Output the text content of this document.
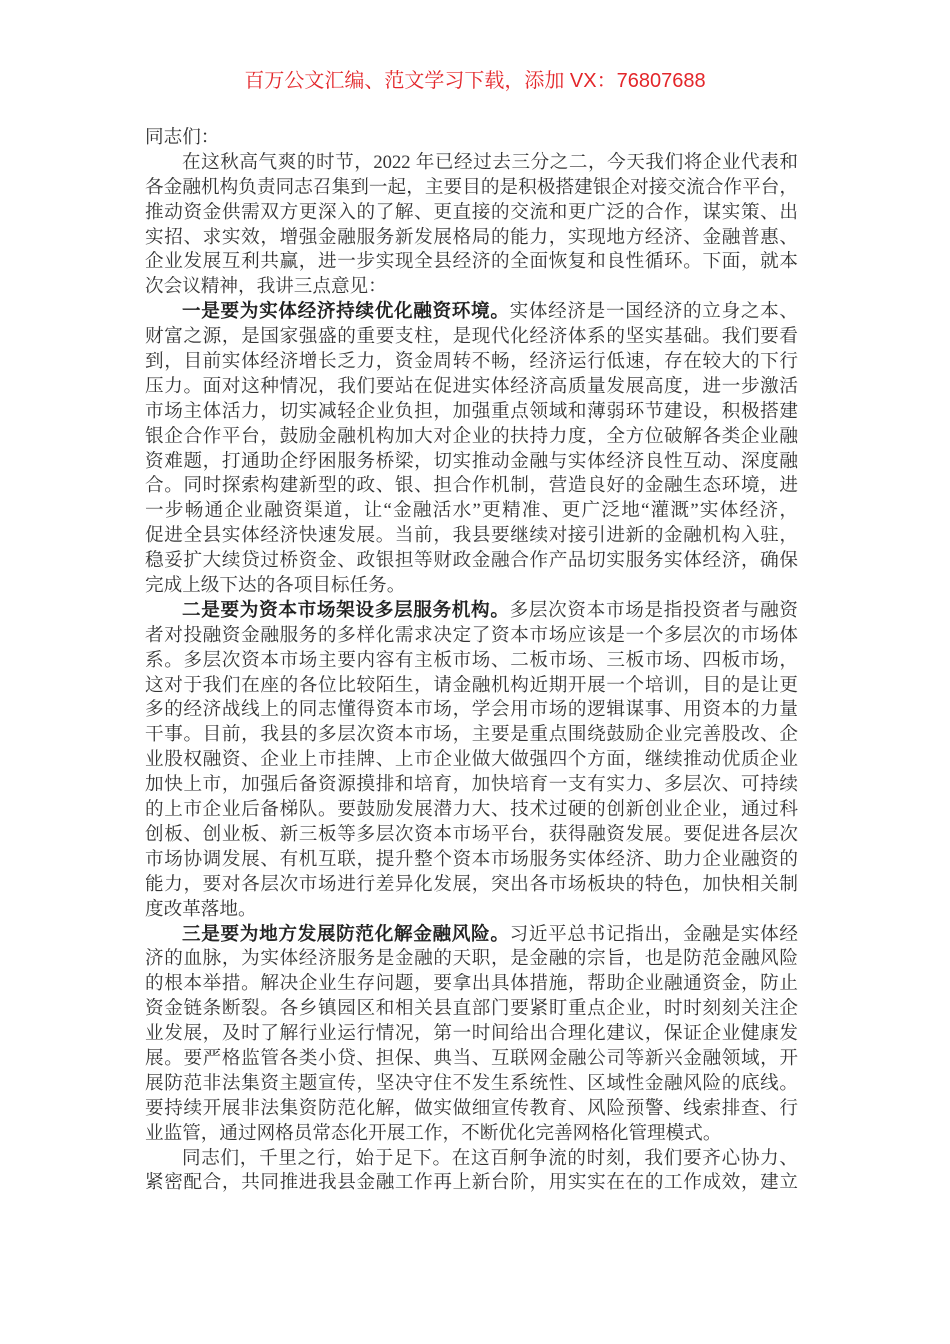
百万公文汇编、范文学习下载，添加 VX：76807688
同志们：
在这秋高气爽的时节，2022 年已经过去三分之二，今天我们将企业代表和
各金融机构负责同志召集到一起，主要目的是积极搭建银企对接交流合作平台，
推动资金供需双方更深入的了解、更直接的交流和更广泛的合作，谋实策、出
实招、求实效，增强金融服务新发展格局的能力，实现地方经济、金融普惠、
企业发展互利共赢，进一步实现全县经济的全面恢复和良性循环。下面，就本
次会议精神，我讲三点意见：
一是要为实体经济持续优化融资环境。实体经济是一国经济的立身之本、
财富之源，是国家强盛的重要支柱，是现代化经济体系的坚实基础。我们要看
到，目前实体经济增长乏力，资金周转不畅，经济运行低速，存在较大的下行
压力。面对这种情况，我们要站在促进实体经济高质量发展高度，进一步激活
市场主体活力，切实减轻企业负担，加强重点领域和薄弱环节建设，积极搭建
银企合作平台，鼓励金融机构加大对企业的扶持力度，全方位破解各类企业融
资难题，打通助企纾困服务桥梁，切实推动金融与实体经济良性互动、深度融
合。同时探索构建新型的政、银、担合作机制，营造良好的金融生态环境，进
一步畅通企业融资渠道，让“金融活水”更精准、更广泛地“灌溉”实体经济，
促进全县实体经济快速发展。当前，我县要继续对接引进新的金融机构入驻，
稳妥扩大续贷过桥资金、政银担等财政金融合作产品切实服务实体经济，确保
完成上级下达的各项目标任务。
二是要为资本市场架设多层服务机构。多层次资本市场是指投资者与融资
者对投融资金融服务的多样化需求决定了资本市场应该是一个多层次的市场体
系。多层次资本市场主要内容有主板市场、二板市场、三板市场、四板市场，
这对于我们在座的各位比较陌生，请金融机构近期开展一个培训，目的是让更
多的经济战线上的同志懂得资本市场，学会用市场的逻辑谋事、用资本的力量
干事。目前，我县的多层次资本市场，主要是重点围绕鼓励企业完善股改、企
业股权融资、企业上市挂牌、上市企业做大做强四个方面，继续推动优质企业
加快上市，加强后备资源摸排和培育，加快培育一支有实力、多层次、可持续
的上市企业后备梯队。要鼓励发展潜力大、技术过硬的创新创业企业，通过科
创板、创业板、新三板等多层次资本市场平台，获得融资发展。要促进各层次
市场协调发展、有机互联，提升整个资本市场服务实体经济、助力企业融资的
能力，要对各层次市场进行差异化发展，突出各市场板块的特色，加快相关制
度改革落地。
三是要为地方发展防范化解金融风险。习近平总书记指出，金融是实体经
济的血脉，为实体经济服务是金融的天职，是金融的宗旨，也是防范金融风险
的根本举措。解决企业生存问题，要拿出具体措施，帮助企业融通资金，防止
资金链条断裂。各乡镇园区和相关县直部门要紧盯重点企业，时时刻刻关注企
业发展，及时了解行业运行情况，第一时间给出合理化建议，保证企业健康发
展。要严格监管各类小贷、担保、典当、互联网金融公司等新兴金融领域，开
展防范非法集资主题宣传，坚决守住不发生系统性、区域性金融风险的底线。
要持续开展非法集资防范化解，做实做细宣传教育、风险预警、线索排查、行
业监管，通过网格员常态化开展工作，不断优化完善网格化管理模式。
同志们，千里之行，始于足下。在这百舸争流的时刻，我们要齐心协力、
紧密配合，共同推进我县金融工作再上新台阶，用实实在在的工作成效，建立
